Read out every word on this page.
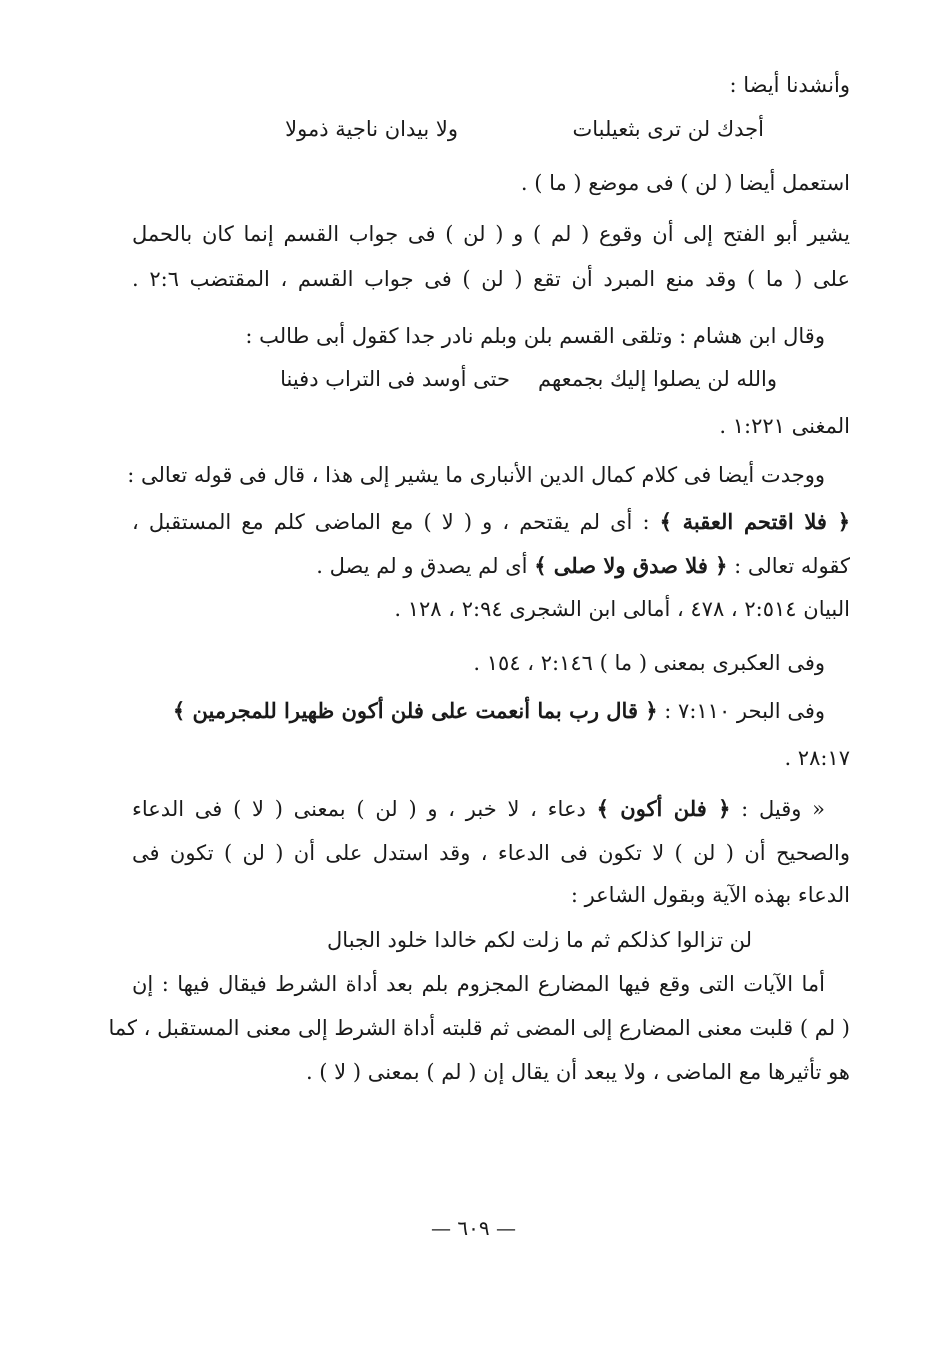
وأنشدنا أيضا :
أجدك لن ترى بثعيلبات
ولا بيدان ناجية ذمولا
استعمل أيضا ( لن ) فى موضع ( ما ) .
يشير أبو الفتح إلى أن وقوع ( لم ) و ( لن ) فى جواب القسم إنما كان بالحمل
على ( ما ) وقد منع المبرد أن تقع ( لن ) فى جواب القسم ، المقتضب ٢:٦ .
وقال ابن هشام : وتلقى القسم بلن وبلم نادر جدا كقول أبى طالب :
والله لن يصلوا إليك بجمعهم
حتى أوسد فى التراب دفينا
المغنى ١:٢٢١ .
ووجدت أيضا فى كلام كمال الدين الأنبارى ما يشير إلى هذا ، قال فى قوله تعالى :
﴿ فلا اقتحم العقبة ﴾ : أى لم يقتحم ، و ( لا ) مع الماضى كلم مع المستقبل ،
كقوله تعالى : ﴿ فلا صدق ولا صلى ﴾ أى لم يصدق و لم يصل .
البيان ٢:٥١٤ ، ٤٧٨ ، أمالى ابن الشجرى ٢:٩٤ ، ١٢٨ .
وفى العكبرى بمعنى ( ما ) ٢:١٤٦ ، ١٥٤ .
وفى البحر ٧:١١٠ : ﴿ قال رب بما أنعمت على فلن أكون ظهيرا للمجرمين ﴾
٢٨:١٧ .
« وقيل : ﴿ فلن أكون ﴾ دعاء ، لا خبر ، و ( لن ) بمعنى ( لا ) فى الدعاء
والصحيح أن ( لن ) لا تكون فى الدعاء ، وقد استدل على أن ( لن ) تكون فى
الدعاء بهذه الآية وبقول الشاعر :
لن تزالوا كذلكم ثم ما زلت لكم خالدا خلود الجبال
أما الآيات التى وقع فيها المضارع المجزوم بلم بعد أداة الشرط فيقال فيها : إن
( لم ) قلبت معنى المضارع إلى المضى ثم قلبته أداة الشرط إلى معنى المستقبل ، كما
هو تأثيرها مع الماضى ، ولا يبعد أن يقال إن ( لم ) بمعنى ( لا ) .
— ٦٠٩ —
